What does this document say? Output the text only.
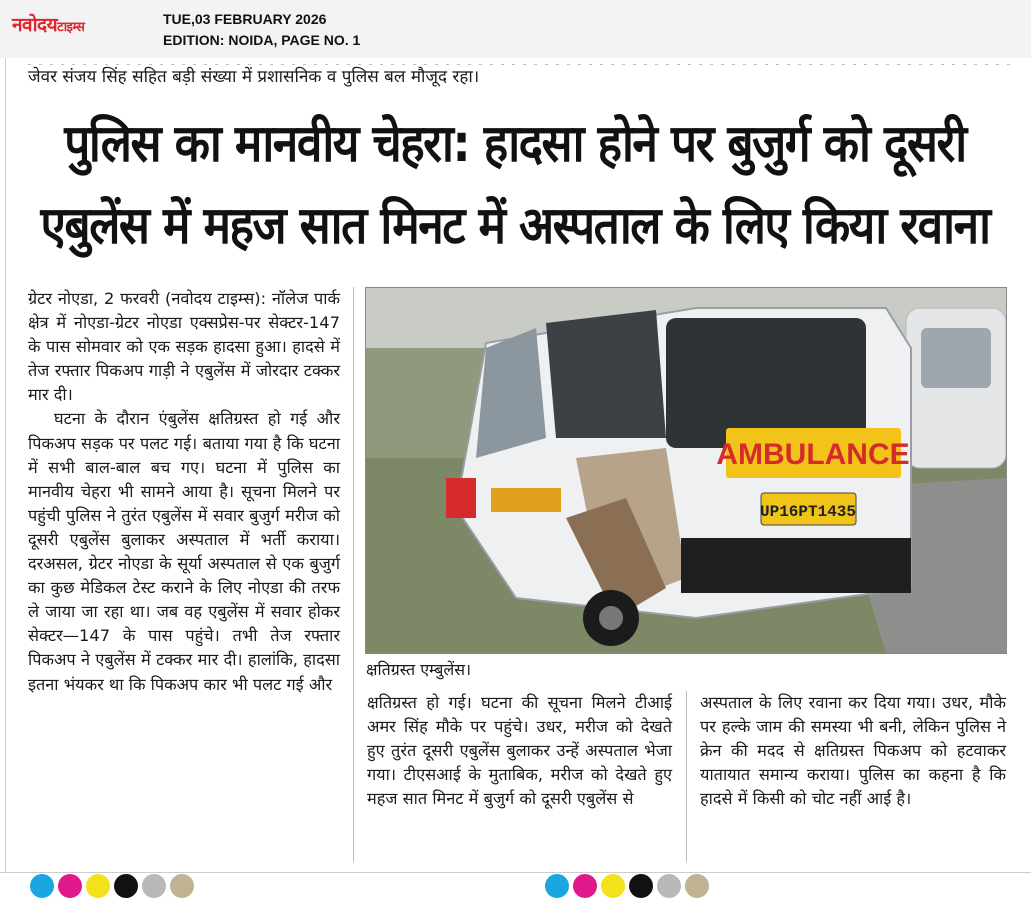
नवोदयटाइम्स
TUE,03 FEBRUARY 2026
EDITION: NOIDA, PAGE NO. 1
जेवर संजय सिंह सहित बड़ी संख्या में प्रशासनिक व पुलिस बल मौजूद रहा।
पुलिस का मानवीय चेहरा: हादसा होने पर बुजुर्ग को दूसरी
एबुलेंस में महज सात मिनट में अस्पताल के लिए किया रवाना

ग्रेटर नोएडा, 2 फरवरी (नवोदय टाइम्स): नॉलेज पार्क क्षेत्र में नोएडा-ग्रेटर नोएडा एक्सप्रेस-पर सेक्टर-147 के पास सोमवार को एक सड़क हादसा हुआ। हादसे में तेज रफ्तार पिकअप गाड़ी ने एबुलेंस में जोरदार टक्कर मार दी।

घटना के दौरान एंबुलेंस क्षतिग्रस्त हो गई और पिकअप सड़क पर पलट गई। बताया गया है कि घटना में सभी बाल-बाल बच गए। घटना में पुलिस का मानवीय चेहरा भी सामने आया है। सूचना मिलने पर पहुंची पुलिस ने तुरंत एबुलेंस में सवार बुजुर्ग मरीज को दूसरी एबुलेंस बुलाकर अस्पताल में भर्ती कराया। दरअसल, ग्रेटर नोएडा के सूर्या अस्पताल से एक बुजुर्ग का कुछ मेडिकल टेस्ट कराने के लिए नोएडा की तरफ ले जाया जा रहा था। जब वह एबुलेंस में सवार होकर सेक्टर—147 के पास पहुंचे। तभी तेज रफ्तार पिकअप ने एबुलेंस में टक्कर मार दी। हालांकि, हादसा इतना भंयकर था कि पिकअप कार भी पलट गई और

AMBULANCE
UP16PT1435
क्षतिग्रस्त एम्बुलेंस।
क्षतिग्रस्त हो गई। घटना की सूचना मिलने टीआई अमर सिंह मौके पर पहुंचे। उधर, मरीज को देखते हुए तुरंत दूसरी एबुलेंस बुलाकर उन्हें अस्पताल भेजा गया। टीएसआई के मुताबिक, मरीज को देखते हुए महज सात मिनट में बुजुर्ग को दूसरी एबुलेंस से
अस्पताल के लिए रवाना कर दिया गया। उधर, मौके पर हल्के जाम की समस्या भी बनी, लेकिन पुलिस ने क्रेन की मदद से क्षतिग्रस्त पिकअप को हटवाकर यातायात समान्य कराया। पुलिस का कहना है कि हादसे में किसी को चोट नहीं आई है।
